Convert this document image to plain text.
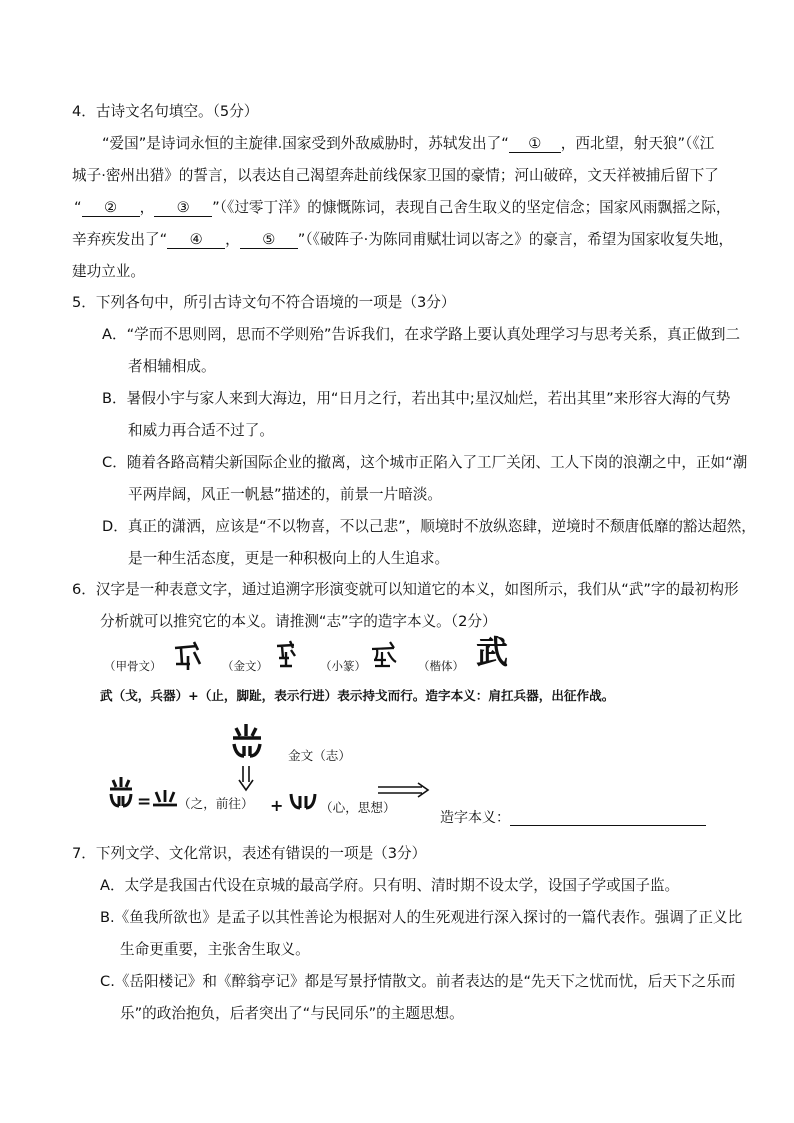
4．古诗文名句填空。（5分）
“爱国”是诗词永恒的主旋律.国家受到外敌威胁时，苏轼发出了“ ① ，西北望，射天狼”（《江
城子·密州出猎》的誓言，以表达自己渴望奔赴前线保家卫国的豪情；河山破碎，文天祥被捕后留下了
“ ② ， ③ ”（《过零丁洋》的慷慨陈词，表现自己舍生取义的坚定信念；国家风雨飘摇之际，
辛弃疾发出了“ ④ ， ⑤ ”（《破阵子·为陈同甫赋壮词以寄之》的豪言，希望为国家收复失地，
建功立业。
5．下列各句中，所引古诗文句不符合语境的一项是（3分）
A．“学而不思则罔，思而不学则殆”告诉我们，在求学路上要认真处理学习与思考关系，真正做到二
者相辅相成。
B．暑假小宇与家人来到大海边，用“日月之行，若出其中;星汉灿烂，若出其里”来形容大海的气势
和威力再合适不过了。
C．随着各路高精尖新国际企业的撤离，这个城市正陷入了工厂关闭、工人下岗的浪潮之中，正如“潮
平两岸阔，风正一帆悬”描述的，前景一片暗淡。
D．真正的潇洒，应该是“不以物喜，不以己悲”，顺境时不放纵恣肆，逆境时不颓唐低靡的豁达超然，
是一种生活态度，更是一种积极向上的人生追求。
6．汉字是一种表意文字，通过追溯字形演变就可以知道它的本义，如图所示，我们从“武”字的最初构形
分析就可以推究它的本义。请推测“志”字的造字本义。（2分）
（甲骨文）	（金文）	（小篆）	（楷体） 武
武（戈，兵器）+（止，脚趾，表示行进）表示持戈而行。造字本义：肩扛兵器，出征作战。
金文（志）
= （之，前往） +	（心，思想）
造字本义：
7．下列文学、文化常识，表述有错误的一项是（3分）
A．太学是我国古代设在京城的最高学府。只有明、清时期不设太学，设国子学或国子监。
B.《鱼我所欲也》是孟子以其性善论为根据对人的生死观进行深入探讨的一篇代表作。强调了正义比
生命更重要，主张舍生取义。
C.《岳阳楼记》和《醉翁亭记》都是写景抒情散文。前者表达的是“先天下之忧而忧，后天下之乐而
乐”的政治抱负，后者突出了“与民同乐”的主题思想。
